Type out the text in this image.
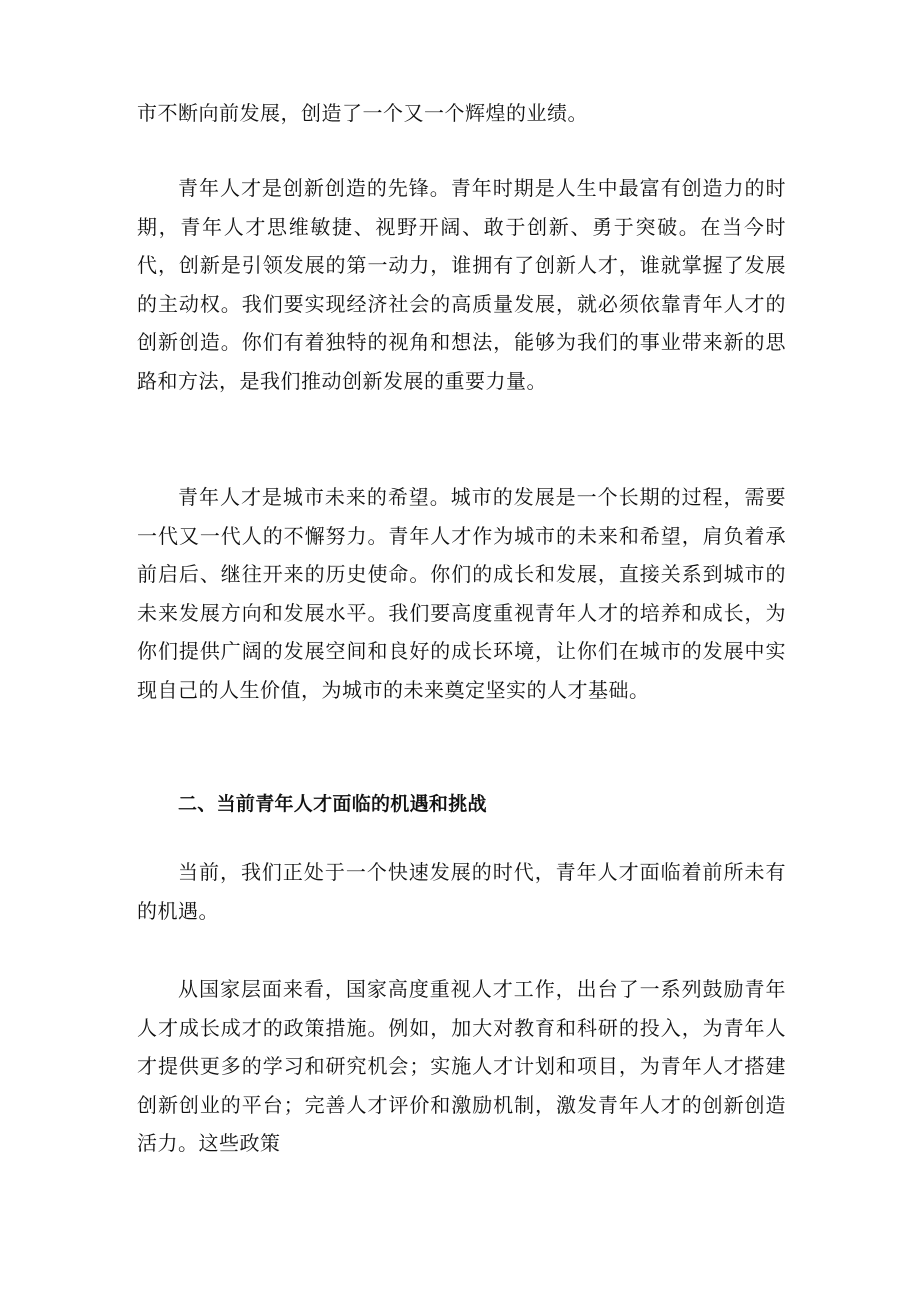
市不断向前发展，创造了一个又一个辉煌的业绩。

青年人才是创新创造的先锋。青年时期是人生中最富有创造力的时期，青年人才思维敏捷、视野开阔、敢于创新、勇于突破。在当今时代，创新是引领发展的第一动力，谁拥有了创新人才，谁就掌握了发展的主动权。我们要实现经济社会的高质量发展，就必须依靠青年人才的创新创造。你们有着独特的视角和想法，能够为我们的事业带来新的思路和方法，是我们推动创新发展的重要力量。

青年人才是城市未来的希望。城市的发展是一个长期的过程，需要一代又一代人的不懈努力。青年人才作为城市的未来和希望，肩负着承前启后、继往开来的历史使命。你们的成长和发展，直接关系到城市的未来发展方向和发展水平。我们要高度重视青年人才的培养和成长，为你们提供广阔的发展空间和良好的成长环境，让你们在城市的发展中实现自己的人生价值，为城市的未来奠定坚实的人才基础。

二、当前青年人才面临的机遇和挑战

当前，我们正处于一个快速发展的时代，青年人才面临着前所未有的机遇。

从国家层面来看，国家高度重视人才工作，出台了一系列鼓励青年人才成长成才的政策措施。例如，加大对教育和科研的投入，为青年人才提供更多的学习和研究机会；实施人才计划和项目，为青年人才搭建创新创业的平台；完善人才评价和激励机制，激发青年人才的创新创造活力。这些政策
